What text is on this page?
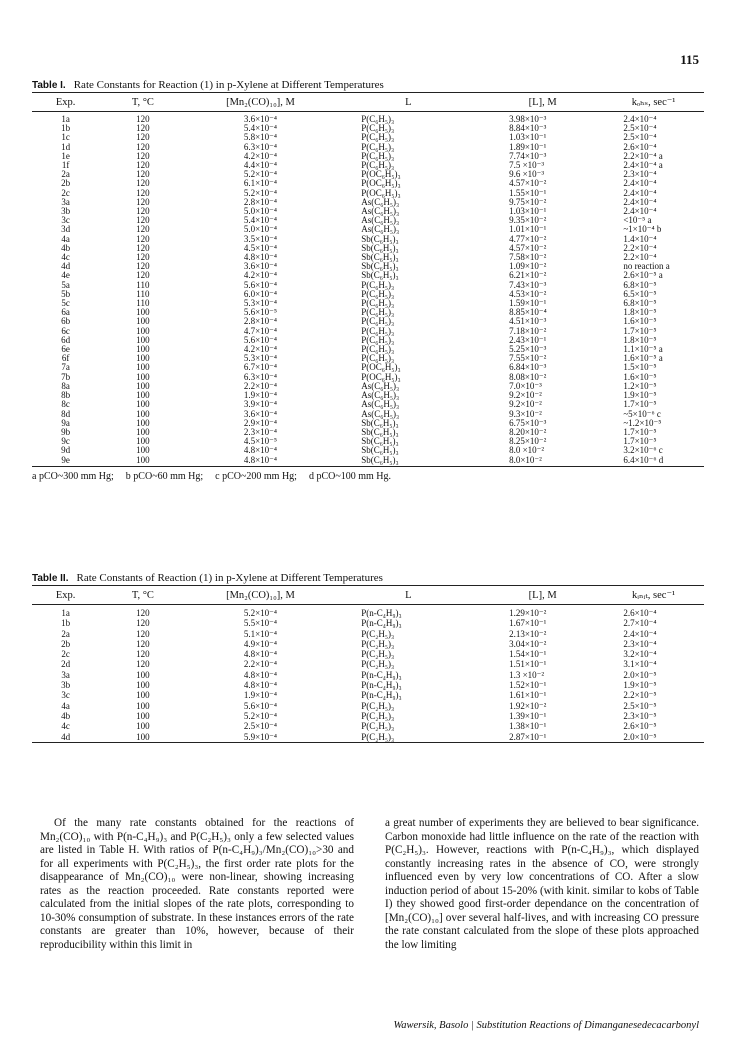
115

Table I. Rate Constants for Reaction (1) in p-Xylene at Different Temperatures

Exp.	T, °C	[Mn₂(CO)₁₀], M	L	[L], M	kₒₕₛ, sec⁻¹
1a	120	3.6×10⁻⁴	P(C₆H₅)₃	3.98×10⁻³	2.4×10⁻⁴
1b	120	5.4×10⁻⁴	P(C₆H₅)₃	8.84×10⁻³	2.5×10⁻⁴
1c	120	5.8×10⁻⁴	P(C₆H₅)₃	1.03×10⁻¹	2.5×10⁻⁴
1d	120	6.3×10⁻⁴	P(C₆H₅)₃	1.89×10⁻¹	2.6×10⁻⁴
1e	120	4.2×10⁻⁴	P(C₆H₅)₃	7.74×10⁻³	2.2×10⁻⁴ a
1f	120	4.4×10⁻⁴	P(C₆H₅)₃	7.5 ×10⁻³	2.4×10⁻⁴ a
2a	120	5.2×10⁻⁴	P(OC₆H₅)₃	9.6 ×10⁻³	2.3×10⁻⁴
2b	120	6.1×10⁻⁴	P(OC₆H₅)₃	4.57×10⁻²	2.4×10⁻⁴
2c	120	5.2×10⁻⁴	P(OC₆H₅)₃	1.55×10⁻¹	2.4×10⁻⁴
3a	120	2.8×10⁻⁴	As(C₆H₅)₃	9.75×10⁻²	2.4×10⁻⁴
3b	120	5.0×10⁻⁴	As(C₆H₅)₃	1.03×10⁻¹	2.4×10⁻⁴
3c	120	5.4×10⁻⁴	As(C₆H₅)₃	9.35×10⁻²	<10⁻⁵ a
3d	120	5.0×10⁻⁴	As(C₆H₅)₃	1.01×10⁻¹	~1×10⁻⁴ b
4a	120	3.5×10⁻⁴	Sb(C₆H₅)₃	4.77×10⁻²	1.4×10⁻⁴
4b	120	4.5×10⁻⁴	Sb(C₆H₅)₃	4.57×10⁻²	2.2×10⁻⁴
4c	120	4.8×10⁻⁴	Sb(C₆H₅)₃	7.58×10⁻²	2.2×10⁻⁴
4d	120	3.6×10⁻⁴	Sb(C₆H₅)₃	1.09×10⁻²	no reaction a
4e	120	4.2×10⁻⁴	Sb(C₆H₅)₃	6.21×10⁻²	2.6×10⁻⁵ a
5a	110	5.6×10⁻⁴	P(C₆H₅)₃	7.43×10⁻³	6.8×10⁻⁵
5b	110	6.0×10⁻⁴	P(C₆H₅)₃	4.53×10⁻²	6.5×10⁻⁵
5c	110	5.3×10⁻⁴	P(C₆H₅)₃	1.59×10⁻¹	6.8×10⁻⁵
6a	100	5.6×10⁻⁵	P(C₆H₅)₃	8.85×10⁻⁴	1.8×10⁻⁵
6b	100	2.8×10⁻⁴	P(C₆H₅)₃	4.51×10⁻³	1.6×10⁻⁵
6c	100	4.7×10⁻⁴	P(C₆H₅)₃	7.18×10⁻²	1.7×10⁻⁵
6d	100	5.6×10⁻⁴	P(C₆H₅)₃	2.43×10⁻¹	1.8×10⁻⁵
6e	100	4.2×10⁻⁴	P(C₆H₅)₃	5.25×10⁻³	1.1×10⁻⁵ a
6f	100	5.3×10⁻⁴	P(C₆H₅)₃	7.55×10⁻²	1.6×10⁻⁵ a
7a	100	6.7×10⁻⁴	P(OC₆H₅)₃	6.84×10⁻³	1.5×10⁻⁵
7b	100	6.3×10⁻⁴	P(OC₆H₅)₃	8.08×10⁻²	1.6×10⁻⁵
8a	100	2.2×10⁻⁴	As(C₆H₅)₃	7.0×10⁻³	1.2×10⁻⁵
8b	100	1.9×10⁻⁴	As(C₆H₅)₃	9.2×10⁻²	1.9×10⁻⁵
8c	100	3.9×10⁻⁴	As(C₆H₅)₃	9.2×10⁻²	1.7×10⁻⁵
8d	100	3.6×10⁻⁴	As(C₆H₅)₃	9.3×10⁻²	~5×10⁻⁶ c
9a	100	2.9×10⁻⁴	Sb(C₆H₅)₃	6.75×10⁻³	~1.2×10⁻⁵
9b	100	2.3×10⁻⁴	Sb(C₆H₅)₃	8.20×10⁻²	1.7×10⁻⁵
9c	100	4.5×10⁻⁵	Sb(C₆H₅)₃	8.25×10⁻²	1.7×10⁻⁵
9d	100	4.8×10⁻⁴	Sb(C₆H₅)₃	8.0 ×10⁻²	3.2×10⁻⁶ c
9e	100	4.8×10⁻⁴	Sb(C₆H₅)₃	8.0×10⁻²	6.4×10⁻⁶ d
a pCO~300 mm Hg; b pCO~60 mm Hg; c pCO~200 mm Hg; d pCO~100 mm Hg.

Table II. Rate Constants of Reaction (1) in p-Xylene at Different Temperatures

Exp.	T, °C	[Mn₂(CO)₁₀], M	L	[L], M	kᵢₙᵢₜ, sec⁻¹
1a	120	5.2×10⁻⁴	P(n-C₄H₉)₃	1.29×10⁻²	2.6×10⁻⁴
1b	120	5.5×10⁻⁴	P(n-C₄H₉)₃	1.67×10⁻¹	2.7×10⁻⁴
2a	120	5.1×10⁻⁴	P(C₂H₅)₃	2.13×10⁻²	2.4×10⁻⁴
2b	120	4.9×10⁻⁴	P(C₂H₅)₃	3.04×10⁻²	2.3×10⁻⁴
2c	120	4.8×10⁻⁴	P(C₂H₅)₃	1.54×10⁻¹	3.2×10⁻⁴
2d	120	2.2×10⁻⁴	P(C₂H₅)₃	1.51×10⁻¹	3.1×10⁻⁴
3a	100	4.8×10⁻⁴	P(n-C₄H₉)₃	1.3 ×10⁻²	2.0×10⁻⁵
3b	100	4.8×10⁻⁴	P(n-C₄H₉)₃	1.52×10⁻¹	1.9×10⁻⁵
3c	100	1.9×10⁻⁴	P(n-C₄H₉)₃	1.61×10⁻¹	2.2×10⁻⁵
4a	100	5.6×10⁻⁴	P(C₂H₅)₃	1.92×10⁻²	2.5×10⁻⁵
4b	100	5.2×10⁻⁴	P(C₂H₅)₃	1.39×10⁻¹	2.3×10⁻⁵
4c	100	2.5×10⁻⁴	P(C₂H₅)₃	1.38×10⁻¹	2.6×10⁻⁵
4d	100	5.9×10⁻⁴	P(C₂H₅)₃	2.87×10⁻¹	2.0×10⁻⁵

Of the many rate constants obtained for the reactions of Mn₂(CO)₁₀ with P(n-C₄H₉)₃ and P(C₂H₅)₃ only a few selected values are listed in Table H. With ratios of P(n-C₄H₉)₃/Mn₂(CO)₁₀>30 and for all experiments with P(C₂H₅)₃, the first order rate plots for the disappearance of Mn₂(CO)₁₀ were non-linear, showing increasing rates as the reaction proceeded. Rate constants reported were calculated from the initial slopes of the rate plots, corresponding to 10-30% consumption of substrate. In these instances errors of the rate constants are greater than 10%, however, because of their reproducibility within this limit in

a great number of experiments they are believed to bear significance. Carbon monoxide had little influence on the rate of the reaction with P(C₂H₅)₃. However, reactions with P(n-C₄H₉)₃, which displayed constantly increasing rates in the absence of CO, were strongly influenced even by very low concentrations of CO. After a slow induction period of about 15-20% (with kinit. similar to kobs of Table I) they showed good first-order dependance on the concentration of [Mn₂(CO)₁₀] over several half-lives, and with increasing CO pressure the rate constant calculated from the slope of these plots approached the low limiting

Wawersik, Basolo | Substitution Reactions of Dimanganesedecacarbonyl
